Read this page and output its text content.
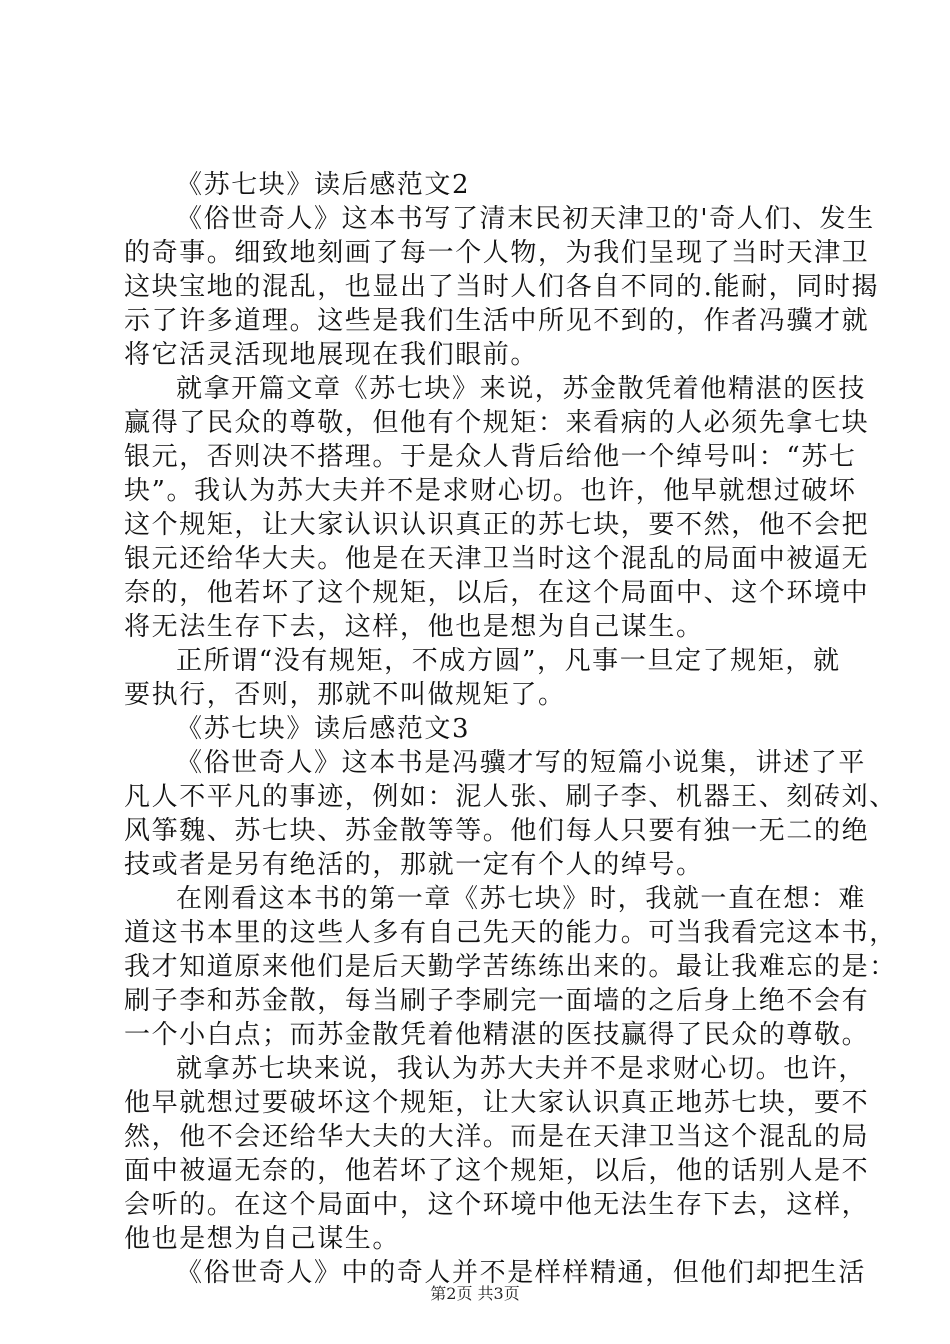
《苏七块》读后感范文2
《俗世奇人》这本书写了清末民初天津卫的'奇人们、发生
的奇事。细致地刻画了每一个人物，为我们呈现了当时天津卫
这块宝地的混乱，也显出了当时人们各自不同的.能耐，同时揭
示了许多道理。这些是我们生活中所见不到的，作者冯骥才就
将它活灵活现地展现在我们眼前。
就拿开篇文章《苏七块》来说，苏金散凭着他精湛的医技
赢得了民众的尊敬，但他有个规矩：来看病的人必须先拿七块
银元，否则决不搭理。于是众人背后给他一个绰号叫：“苏七
块”。我认为苏大夫并不是求财心切。也许，他早就想过破坏
这个规矩，让大家认识认识真正的苏七块，要不然，他不会把
银元还给华大夫。他是在天津卫当时这个混乱的局面中被逼无
奈的，他若坏了这个规矩，以后，在这个局面中、这个环境中
将无法生存下去，这样，他也是想为自己谋生。
正所谓“没有规矩，不成方圆”，凡事一旦定了规矩，就
要执行，否则，那就不叫做规矩了。
《苏七块》读后感范文3
《俗世奇人》这本书是冯骥才写的短篇小说集，讲述了平
凡人不平凡的事迹，例如：泥人张、刷子李、机器王、刻砖刘、
风筝魏、苏七块、苏金散等等。他们每人只要有独一无二的绝
技或者是另有绝活的，那就一定有个人的绰号。
在刚看这本书的第一章《苏七块》时，我就一直在想：难
道这书本里的这些人多有自己先天的能力。可当我看完这本书，
我才知道原来他们是后天勤学苦练练出来的。最让我难忘的是：
刷子李和苏金散，每当刷子李刷完一面墙的之后身上绝不会有
一个小白点；而苏金散凭着他精湛的医技赢得了民众的尊敬。
就拿苏七块来说，我认为苏大夫并不是求财心切。也许，
他早就想过要破坏这个规矩，让大家认识真正地苏七块，要不
然，他不会还给华大夫的大洋。而是在天津卫当这个混乱的局
面中被逼无奈的，他若坏了这个规矩，以后，他的话别人是不
会听的。在这个局面中，这个环境中他无法生存下去，这样，
他也是想为自己谋生。
《俗世奇人》中的奇人并不是样样精通，但他们却把生活
第2页 共3页
